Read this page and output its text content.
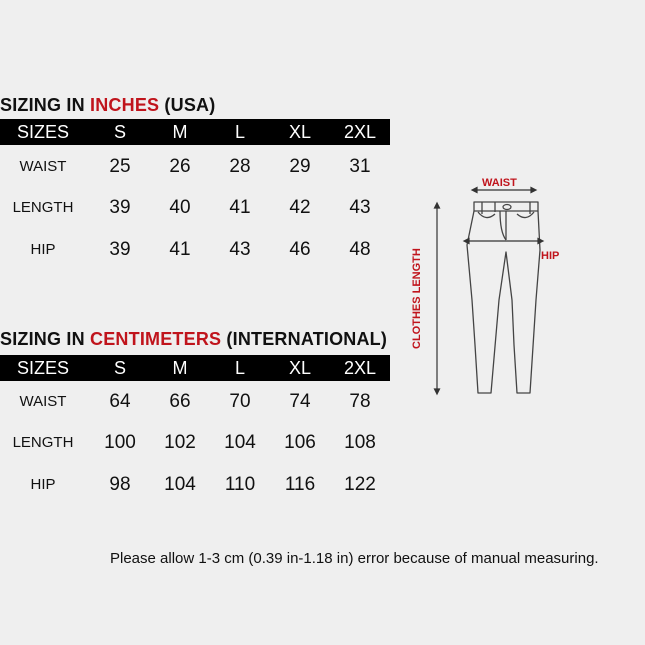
SIZING IN INCHES (USA)
SIZES	S	M	L	XL	2XL
WAIST	25	26	28	29	31
LENGTH	39	40	41	42	43
HIP	39	41	43	46	48
SIZING IN CENTIMETERS (INTERNATIONAL)
SIZES	S	M	L	XL	2XL
WAIST	64	66	70	74	78
LENGTH	100	102	104	106	108
HIP	98	104	110	116	122
WAIST
HIP
CLOTHES LENGTH
Please allow 1-3 cm (0.39 in-1.18 in) error because of manual measuring.
